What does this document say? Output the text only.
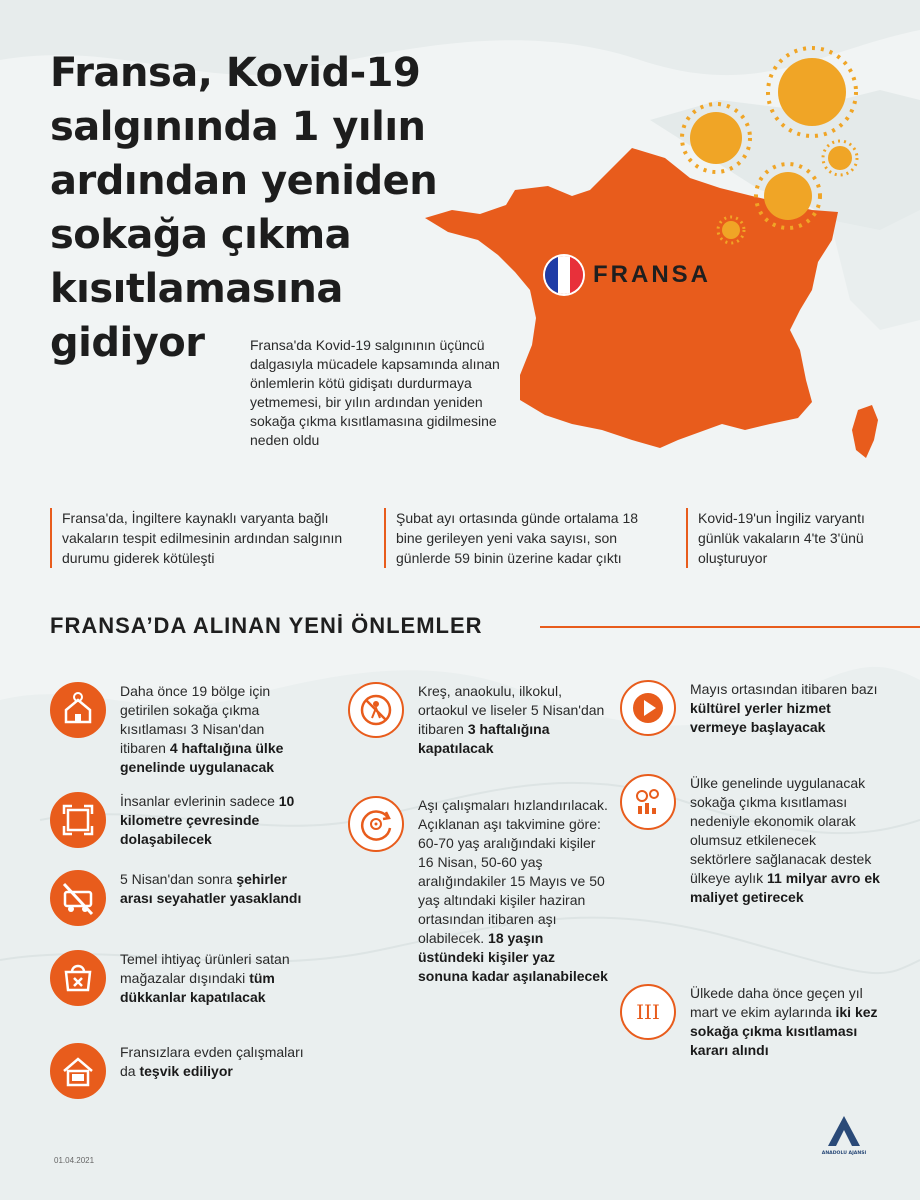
Fransa, Kovid-19
salgınında 1 yılın
ardından yeniden
sokağa çıkma
kısıtlamasına
gidiyor
FRANSA
Fransa'da Kovid-19 salgınının üçüncü dalgasıyla mücadele kapsamında alınan önlemlerin kötü gidişatı durdurmaya yetmemesi, bir yılın ardından yeniden sokağa çıkma kısıtlamasına gidilmesine neden oldu
Fransa'da, İngiltere kaynaklı varyanta bağlı vakaların tespit edilmesinin ardından salgının durumu giderek kötüleşti
Şubat ayı ortasında günde ortalama 18 bine gerileyen yeni vaka sayısı, son günlerde 59 binin üzerine kadar çıktı
Kovid-19'un İngiliz varyantı günlük vakaların 4'te 3'ünü oluşturuyor
FRANSA’DA ALINAN YENİ ÖNLEMLER
Daha önce 19 bölge için getirilen sokağa çıkma kısıtlaması 3 Nisan'dan itibaren 4 haftalığına ülke genelinde uygulanacak
İnsanlar evlerinin sadece 10 kilometre çevresinde dolaşabilecek
5 Nisan'dan sonra şehirler arası seyahatler yasaklandı
Temel ihtiyaç ürünleri satan mağazalar dışındaki tüm dükkanlar kapatılacak
Fransızlara evden çalışmaları da teşvik ediliyor
Kreş, anaokulu, ilkokul, ortaokul ve liseler 5 Nisan'dan itibaren 3 haftalığına kapatılacak
Aşı çalışmaları hızlandırılacak. Açıklanan aşı takvimine göre: 60-70 yaş aralığındaki kişiler 16 Nisan, 50-60 yaş aralığındakiler 15 Mayıs ve 50 yaş altındaki kişiler haziran ortasından itibaren aşı olabilecek. 18 yaşın üstündeki kişiler yaz sonuna kadar aşılanabilecek
Mayıs ortasından itibaren bazı kültürel yerler hizmet vermeye başlayacak
Ülke genelinde uygulanacak sokağa çıkma kısıtlaması nedeniyle ekonomik olarak olumsuz etkilenecek sektörlere sağlanacak destek ülkeye aylık 11 milyar avro ek maliyet getirecek
III
Ülkede daha önce geçen yıl mart ve ekim aylarında iki kez sokağa çıkma kısıtlaması kararı alındı
01.04.2021
ANADOLU AJANSI
